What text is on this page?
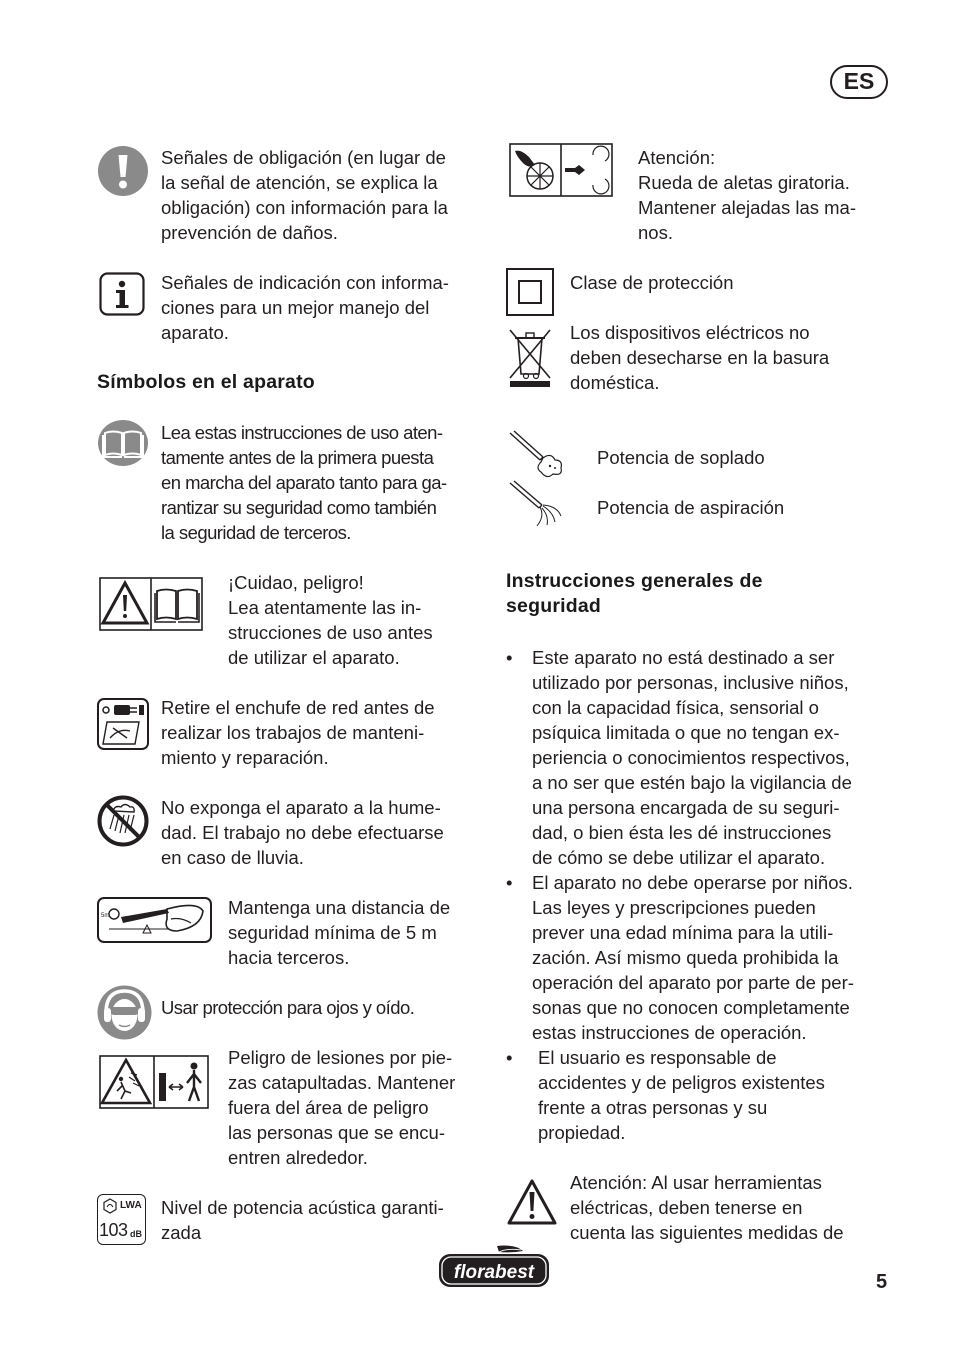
ES

Señales de obligación (en lugar de
la señal de atención, se explica la
obligación) con información para la
prevención de daños.

Señales de indicación con informa-
ciones para un mejor manejo del
aparato.

Símbolos en el aparato

Lea estas instrucciones de uso aten-
tamente antes de la primera puesta
en marcha del aparato tanto para ga-
rantizar su seguridad como también
la seguridad de terceros.

¡Cuidao, peligro!
Lea atentamente las in-
strucciones de uso antes
de utilizar el aparato.

Retire el enchufe de red antes de
realizar los trabajos de manteni-
miento y reparación.

No exponga el aparato a la hume-
dad. El trabajo no debe efectuarse
en caso de lluvia.

5m	Mantenga una distancia de
seguridad mínima de 5 m
hacia terceros.

Usar protección para ojos y oído.

Peligro de lesiones por pie-
zas catapultadas. Mantener
fuera del área de peligro
las personas que se encu-
entren alrededor.

LWA
103 dB

Nivel de potencia acústica garanti-
zada

Atención:
Rueda de aletas giratoria.
Mantener alejadas las ma-
nos.

Clase de protección

Los dispositivos eléctricos no
deben desecharse en la basura
doméstica.

Potencia de soplado

Potencia de aspiración

Instrucciones generales de
seguridad
• Este aparato no está destinado a ser
utilizado por personas, inclusive niños,
con la capacidad física, sensorial o
psíquica limitada o que no tengan ex-
periencia o conocimientos respectivos,
a no ser que estén bajo la vigilancia de
una persona encargada de su seguri-
dad, o bien ésta les dé instrucciones
de cómo se debe utilizar el aparato.
• El aparato no debe operarse por niños.
Las leyes y prescripciones pueden
prever una edad mínima para la utili-
zación. Así mismo queda prohibida la
operación del aparato por parte de per-
sonas que no conocen completamente
estas instrucciones de operación.
• El usuario es responsable de
accidentes y de peligros existentes
frente a otras personas y su
propiedad.

Atención: Al usar herramientas
eléctricas, deben tenerse en
cuenta las siguientes medidas de

florabest	5
